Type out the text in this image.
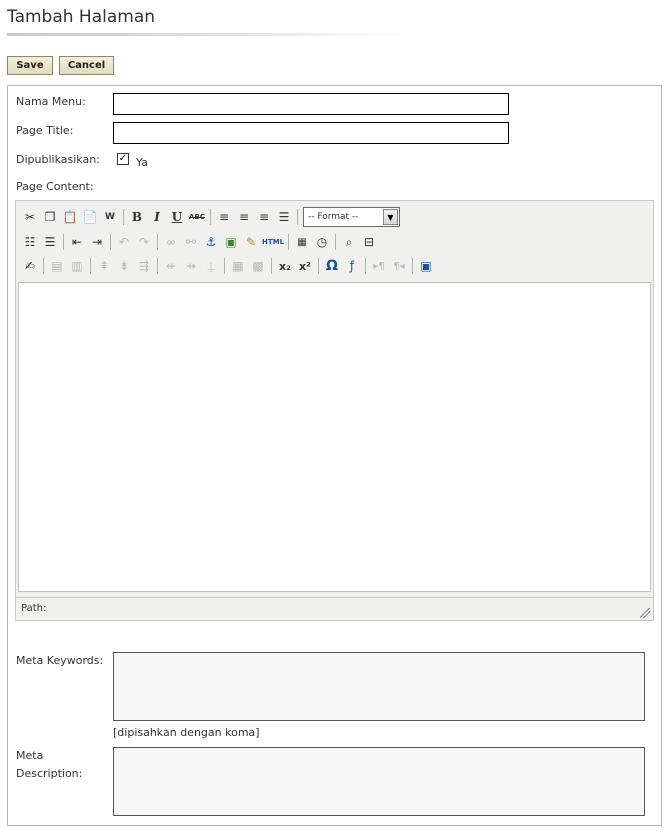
Tambah Halaman
Save	Cancel
Nama Menu:
Page Title:
Dipublikasikan: ✓ Ya
Page Content:
✂ ❐ 📋 📄 W	B	I U ABC	≡ ≡ ≡ ☰	-- Format --	▼
☷ ☰	⇤ ⇥	↶ ↷	∞ ⚯ ⚓ ▣ ✎ HTML	▦ ◷	⌕ ⊟
✍	▤ ▥	⇞ ⇟ ⇶	⇷ ⇸ ⍊	▦ ▩	x₂ x² Ω ƒ	▸¶ ¶◂	▣
Path:
Meta Keywords:
[dipisahkan dengan koma]
Meta
Description:
